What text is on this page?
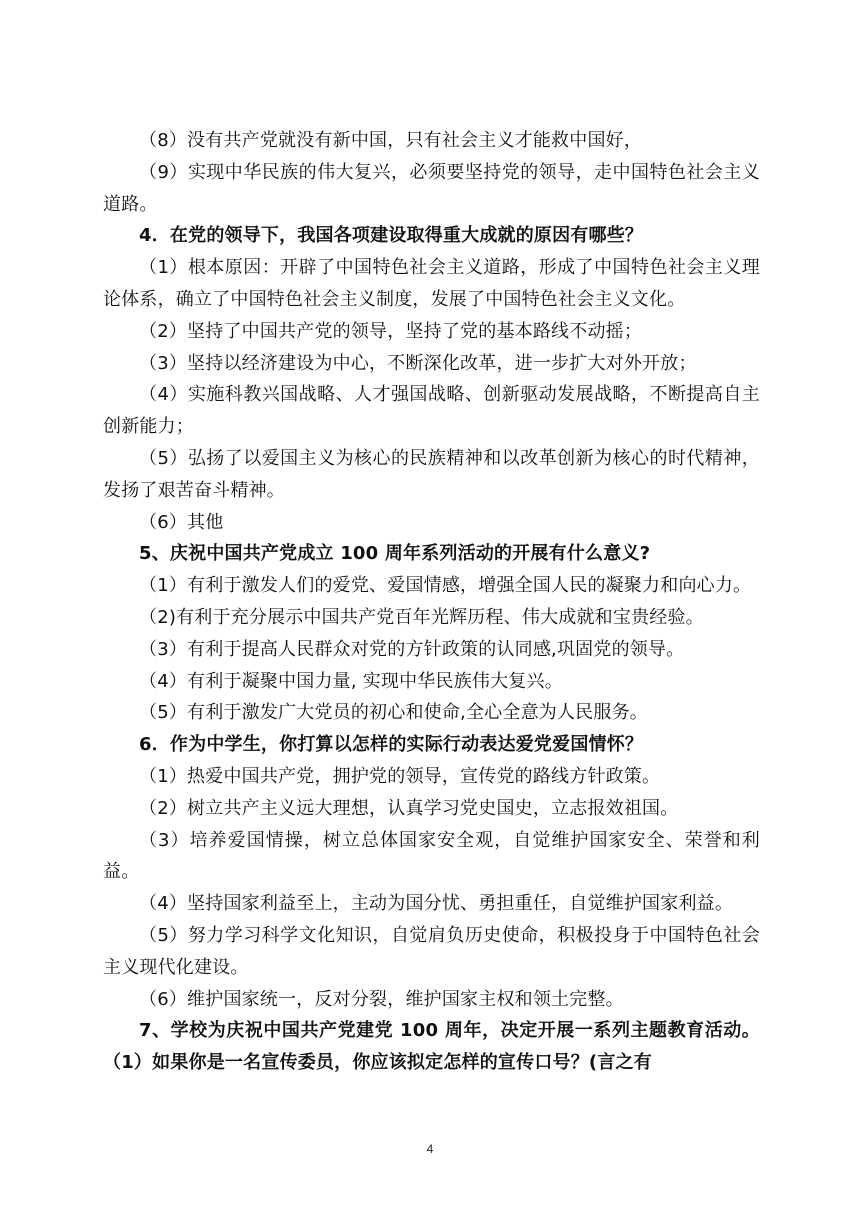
（8）没有共产党就没有新中国，只有社会主义才能救中国好，

（9）实现中华民族的伟大复兴，必须要坚持党的领导，走中国特色社会主义道路。

4．在党的领导下，我国各项建设取得重大成就的原因有哪些？

（1）根本原因：开辟了中国特色社会主义道路，形成了中国特色社会主义理论体系，确立了中国特色社会主义制度，发展了中国特色社会主义文化。

（2）坚持了中国共产党的领导，坚持了党的基本路线不动摇；

（3）坚持以经济建设为中心，不断深化改革，进一步扩大对外开放；

（4）实施科教兴国战略、人才强国战略、创新驱动发展战略，不断提高自主创新能力；

（5）弘扬了以爱国主义为核心的民族精神和以改革创新为核心的时代精神，发扬了艰苦奋斗精神。

（6）其他

5、庆祝中国共产党成立 100 周年系列活动的开展有什么意义?

（1）有利于激发人们的爱党、爱国情感，增强全国人民的凝聚力和向心力。

（2)有利于充分展示中国共产党百年光辉历程、伟大成就和宝贵经验。

（3）有利于提高人民群众对党的方针政策的认同感,巩固党的领导。

（4）有利于凝聚中国力量, 实现中华民族伟大复兴。

（5）有利于激发广大党员的初心和使命,全心全意为人民服务。

6．作为中学生，你打算以怎样的实际行动表达爱党爱国情怀？

（1）热爱中国共产党，拥护党的领导，宣传党的路线方针政策。

（2）树立共产主义远大理想，认真学习党史国史，立志报效祖国。

（3）培养爱国情操，树立总体国家安全观，自觉维护国家安全、荣誉和利益。

（4）坚持国家利益至上，主动为国分忧、勇担重任，自觉维护国家利益。

（5）努力学习科学文化知识，自觉肩负历史使命，积极投身于中国特色社会主义现代化建设。

（6）维护国家统一，反对分裂，维护国家主权和领土完整。

7、学校为庆祝中国共产党建党 100 周年，决定开展一系列主题教育活动。（1）如果你是一名宣传委员，你应该拟定怎样的宣传口号？(言之有

4
